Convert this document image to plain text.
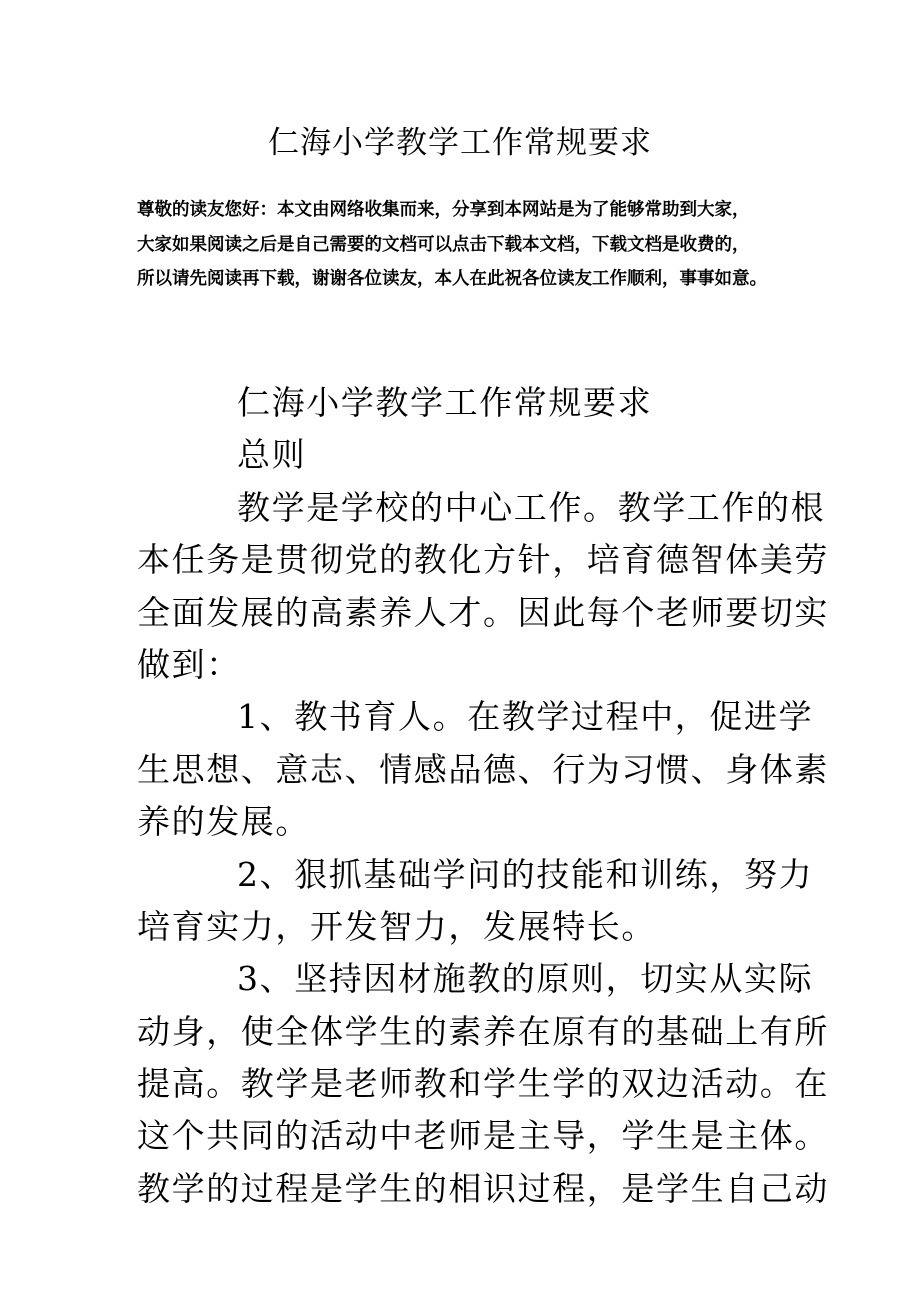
仁海小学教学工作常规要求
尊敬的读友您好：本文由网络收集而来，分享到本网站是为了能够常助到大家，
大家如果阅读之后是自己需要的文档可以点击下载本文档，下载文档是收费的，
所以请先阅读再下载，谢谢各位读友，本人在此祝各位读友工作顺利，事事如意。
仁海小学教学工作常规要求
总则
教学是学校的中心工作。教学工作的根
本任务是贯彻党的教化方针，培育德智体美劳
全面发展的高素养人才。因此每个老师要切实
做到：
1、教书育人。在教学过程中，促进学
生思想、意志、情感品德、行为习惯、身体素
养的发展。
2、狠抓基础学问的技能和训练，努力
培育实力，开发智力，发展特长。
3、坚持因材施教的原则，切实从实际
动身，使全体学生的素养在原有的基础上有所
提高。教学是老师教和学生学的双边活动。在
这个共同的活动中老师是主导，学生是主体。
教学的过程是学生的相识过程，是学生自己动
